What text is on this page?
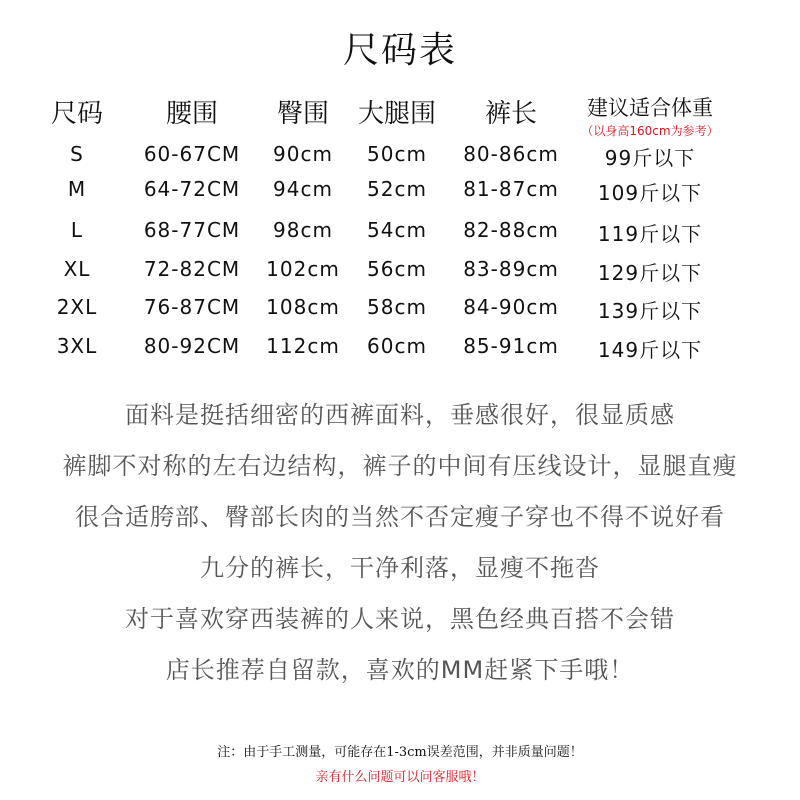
尺码表
尺码 腰围 臀围 大腿围 裤长 建议适合体重
（以身高160cm为参考）
S	60-67CM 90cm 50cm 80-86cm 99斤以下
M	64-72CM 94cm 52cm 81-87cm 109斤以下
L	68-77CM 98cm 54cm 82-88cm 119斤以下
XL	72-82CM 102cm 56cm 83-89cm 129斤以下
2XL 76-87CM 108cm 58cm 84-90cm 139斤以下
3XL 80-92CM 112cm 60cm 85-91cm 149斤以下
面料是挺括细密的西裤面料，垂感很好，很显质感
裤脚不对称的左右边结构，裤子的中间有压线设计，显腿直瘦
很合适胯部、臀部长肉的当然不否定瘦子穿也不得不说好看
九分的裤长，干净利落，显瘦不拖沓
对于喜欢穿西装裤的人来说，黑色经典百搭不会错
店长推荐自留款，喜欢的MM赶紧下手哦！
注：由于手工测量，可能存在1-3cm误差范围，并非质量问题！
亲有什么问题可以问客服哦！
